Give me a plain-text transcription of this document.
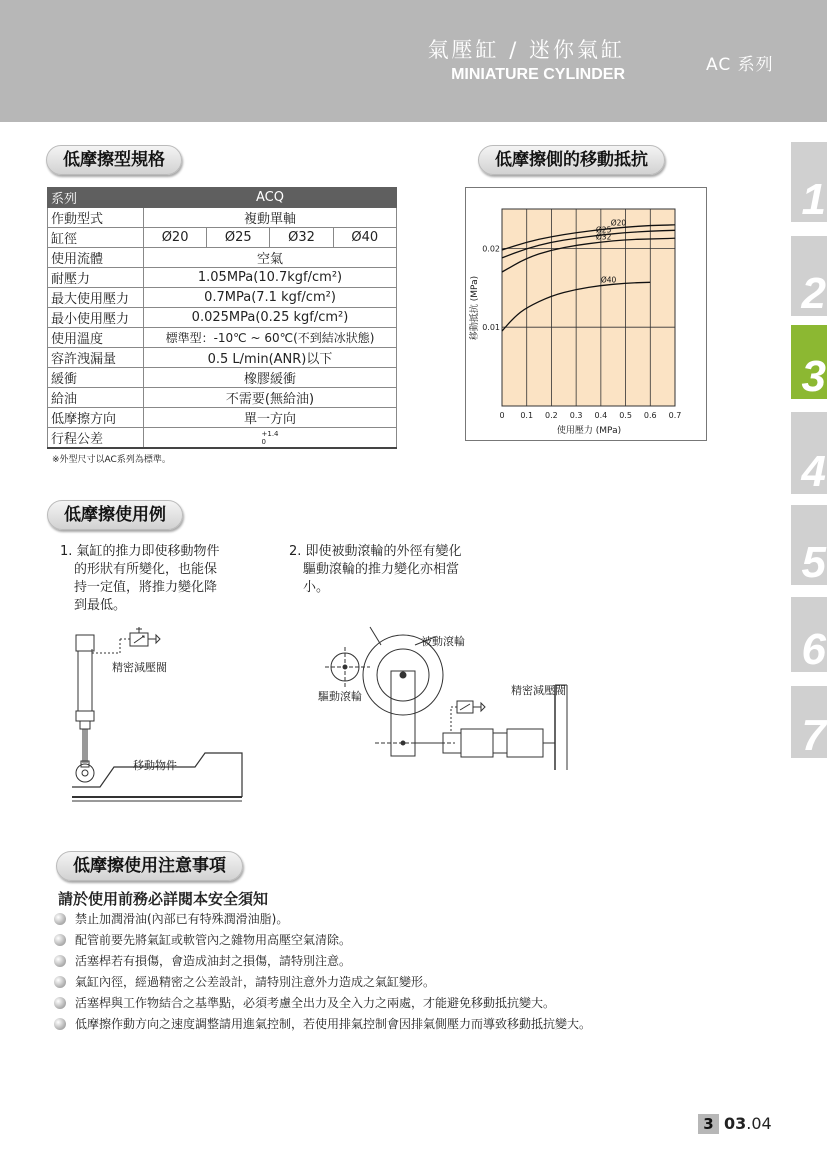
氣壓缸 / 迷你氣缸
MINIATURE CYLINDER	AC 系列
1
2
3
4
5
6
7
低摩擦型規格
系列	ACQ			
作動型式	複動單軸			
缸徑	Ø20	Ø25	Ø32	Ø40
使用流體	空氣			
耐壓力	1.05MPa(10.7kgf/cm²)			
最大使用壓力	0.7MPa(7.1 kgf/cm²)			
最小使用壓力	0.025MPa(0.25 kgf/cm²)			
使用溫度	標準型：-10℃ ~ 60℃(不到結冰狀態)			
容許洩漏量	0.5 L/min(ANR)以下			
緩衝	橡膠緩衝			
給油	不需要(無給油)			
低摩擦方向	單一方向			
行程公差	+1.4
0			
※外型尺寸以AC系列為標準。
低摩擦側的移動抵抗
Ø20
Ø25
Ø32
Ø40
0 0.1 0.2 0.3 0.4 0.5 0.6 0.7
0.01
0.02
使用壓力 (MPa)
移動抵抗 (MPa)
低摩擦使用例
1. 氣缸的推力即使移動物件
的形狀有所變化，也能保
持一定值，將推力變化降
到最低。
2. 即使被動滾輪的外徑有變化
驅動滾輪的推力變化亦相當
小。
精密減壓閥
移動物件
被動滾輪
驅動滾輪	精密減壓閥
低摩擦使用注意事項
請於使用前務必詳閱本安全須知
禁止加潤滑油(內部已有特殊潤滑油脂)。
配管前要先將氣缸或軟管內之雜物用高壓空氣清除。
活塞桿若有損傷，會造成油封之損傷，請特別注意。
氣缸內徑，經過精密之公差設計，請特別注意外力造成之氣缸變形。
活塞桿與工作物結合之基準點，必須考慮全出力及全入力之兩處，才能避免移動抵抗變大。
低摩擦作動方向之速度調整請用進氣控制，若使用排氣控制會因排氣側壓力而導致移動抵抗變大。
3 03.04
